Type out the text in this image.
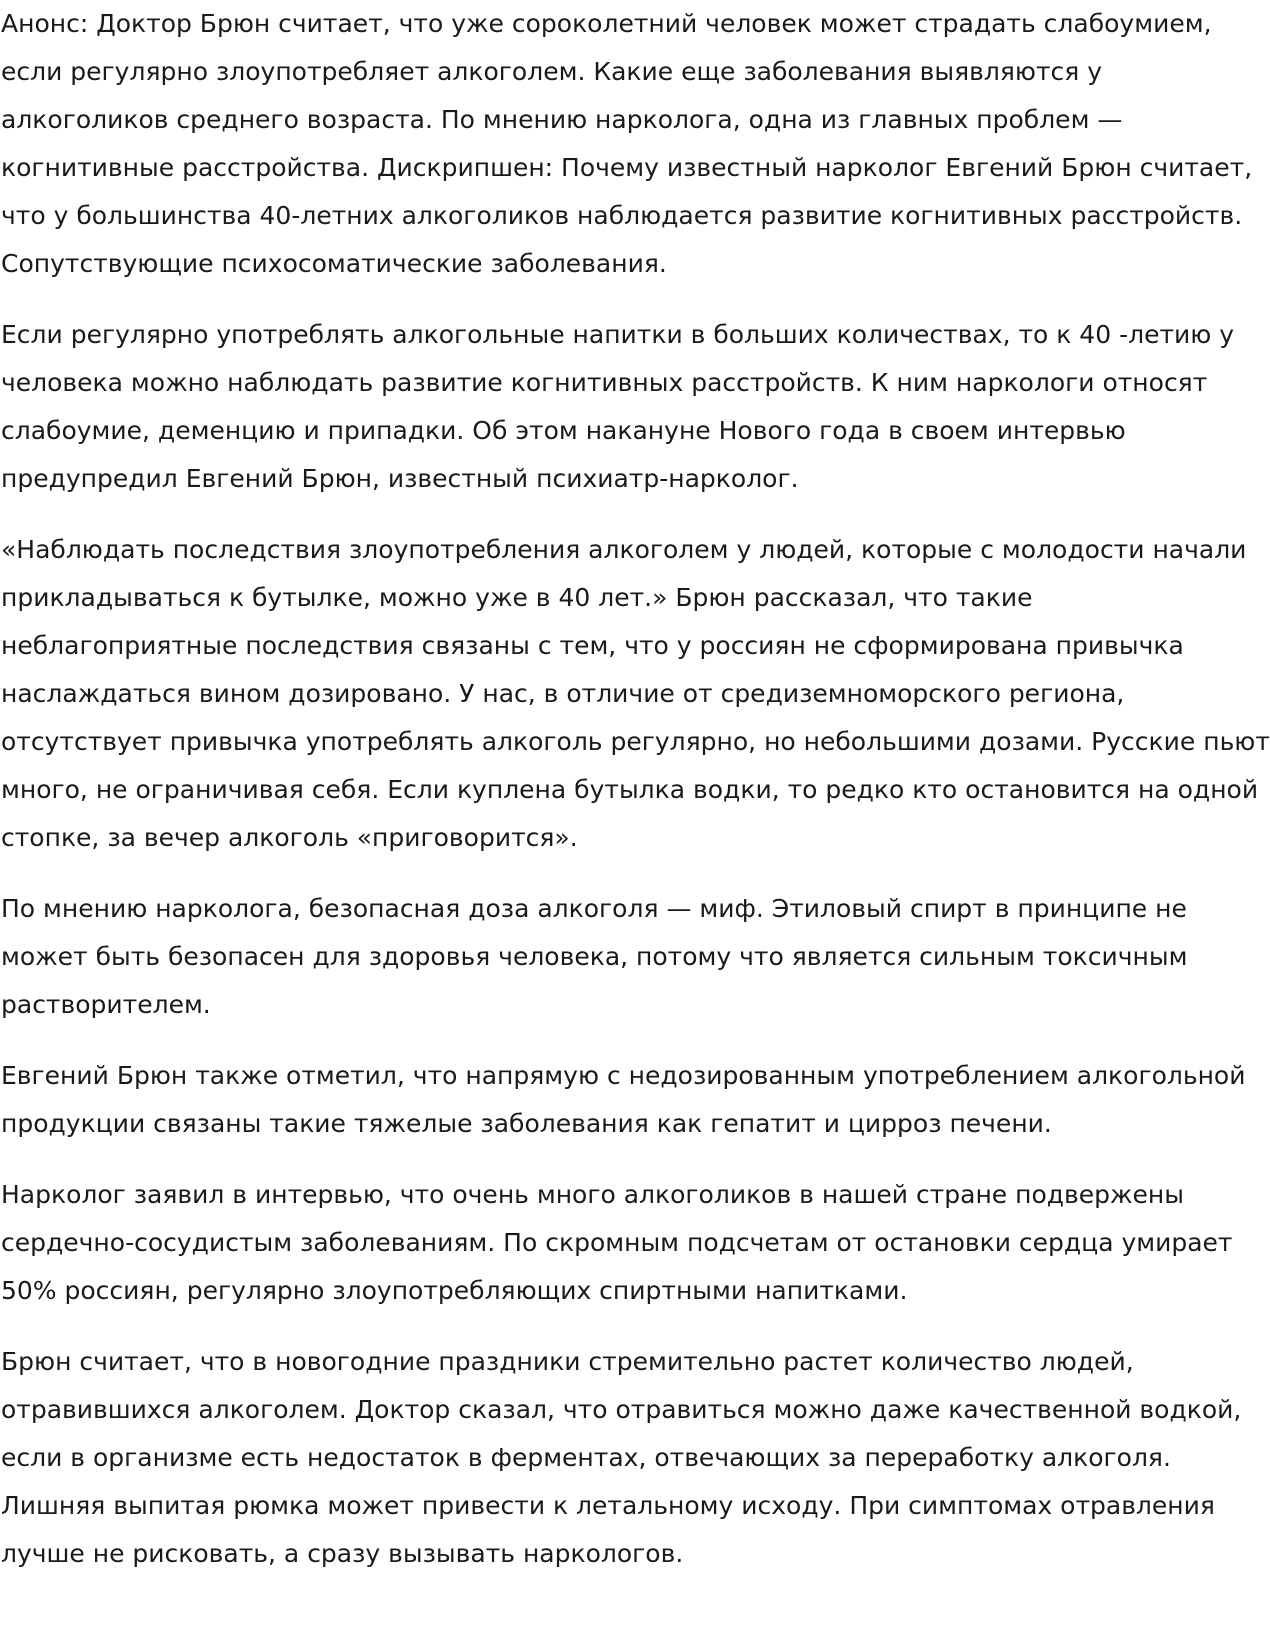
Анонс: Доктор Брюн считает, что уже сороколетний человек может страдать слабоумием, если регулярно злоупотребляет алкоголем. Какие еще заболевания выявляются у алкоголиков среднего возраста. По мнению нарколога, одна из главных проблем — когнитивные расстройства. Дискрипшен: Почему известный нарколог Евгений Брюн считает, что у большинства 40-летних алкоголиков наблюдается развитие когнитивных расстройств. Сопутствующие психосоматические заболевания.

Если регулярно употреблять алкогольные напитки в больших количествах, то к 40 -летию у человека можно наблюдать развитие когнитивных расстройств. К ним наркологи относят слабоумие, деменцию и припадки. Об этом накануне Нового года в своем интервью предупредил Евгений Брюн, известный психиатр-нарколог.

«Наблюдать последствия злоупотребления алкоголем у людей, которые с молодости начали прикладываться к бутылке, можно уже в 40 лет.» Брюн рассказал, что такие неблагоприятные последствия связаны с тем, что у россиян не сформирована привычка наслаждаться вином дозировано. У нас, в отличие от средиземноморского региона, отсутствует привычка употреблять алкоголь регулярно, но небольшими дозами. Русские пьют много, не ограничивая себя. Если куплена бутылка водки, то редко кто остановится на одной стопке, за вечер алкоголь «приговорится».

По мнению нарколога, безопасная доза алкоголя — миф. Этиловый спирт в принципе не может быть безопасен для здоровья человека, потому что является сильным токсичным растворителем.

Евгений Брюн также отметил, что напрямую с недозированным употреблением алкогольной продукции связаны такие тяжелые заболевания как гепатит и цирроз печени.

Нарколог заявил в интервью, что очень много алкоголиков в нашей стране подвержены сердечно-сосудистым заболеваниям. По скромным подсчетам от остановки сердца умирает 50% россиян, регулярно злоупотребляющих спиртными напитками.

Брюн считает, что в новогодние праздники стремительно растет количество людей, отравившихся алкоголем. Доктор сказал, что отравиться можно даже качественной водкой, если в организме есть недостаток в ферментах, отвечающих за переработку алкоголя. Лишняя выпитая рюмка может привести к летальному исходу. При симптомах отравления лучше не рисковать, а сразу вызывать наркологов.
